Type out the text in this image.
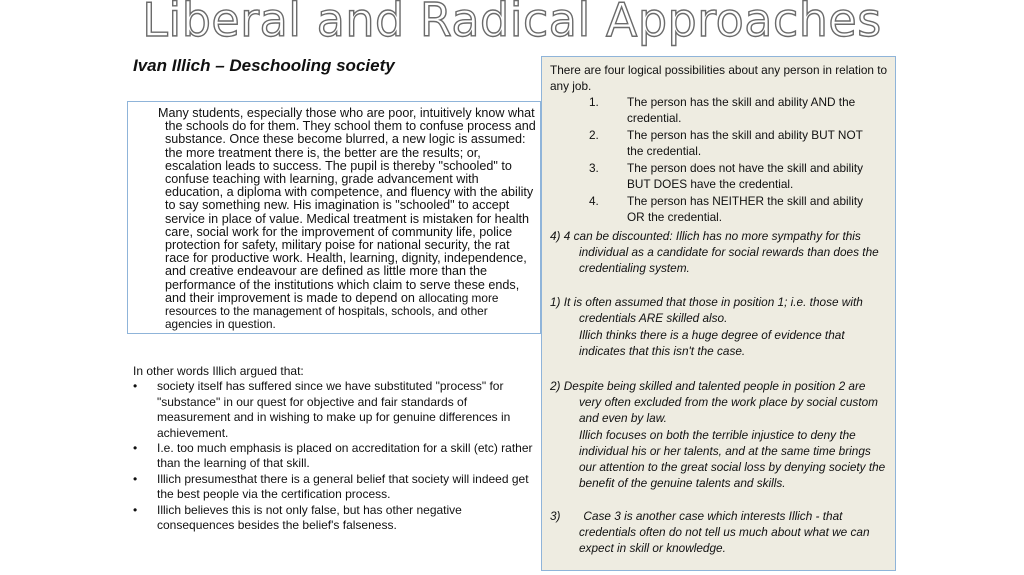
Liberal and Radical Approaches
Ivan Illich – Deschooling society
Many students, especially those who are poor, intuitively know what the schools do for them. They school them to confuse process and substance. Once these become blurred, a new logic is assumed: the more treatment there is, the better are the results; or, escalation leads to success. The pupil is thereby "schooled" to confuse teaching with learning, grade advancement with education, a diploma with competence, and fluency with the ability to say something new. His imagination is "schooled" to accept service in place of value. Medical treatment is mistaken for health care, social work for the improvement of community life, police protection for safety, military poise for national security, the rat race for productive work. Health, learning, dignity, independence, and creative endeavour are defined as little more than the performance of the institutions which claim to serve these ends, and their improvement is made to depend on allocating more resources to the management of hospitals, schools, and other agencies in question.
In other words Illich argued that:
• society itself has suffered since we have substituted "process" for "substance" in our quest for objective and fair standards of measurement and in wishing to make up for genuine differences in achievement.
• I.e. too much emphasis is placed on accreditation for a skill (etc) rather than the learning of that skill.
• Illich presumesthat there is a general belief that society will indeed get the best people via the certification process.
• Illich believes this is not only false, but has other negative consequences besides the belief's falseness.
There are four logical possibilities about any person in relation to any job.
1. The person has the skill and ability AND the credential.
2. The person has the skill and ability BUT NOT the credential.
3. The person does not have the skill and ability BUT DOES have the credential.
4. The person has NEITHER the skill and ability OR the credential.
4) 4 can be discounted: Illich has no more sympathy for this
individual as a candidate for social rewards than does the credentialing system.
1) It is often assumed that those in position 1; i.e. those with
credentials ARE skilled also.
Illich thinks there is a huge degree of evidence that indicates that this isn't the case.
2) Despite being skilled and talented people in position 2 are
very often excluded from the work place by social custom and even by law.
Illich focuses on both the terrible injustice to deny the individual his or her talents, and at the same time brings our attention to the great social loss by denying society the benefit of the genuine talents and skills.
3)       Case 3 is another case which interests Illich - that
credentials often do not tell us much about what we can expect in skill or knowledge.
